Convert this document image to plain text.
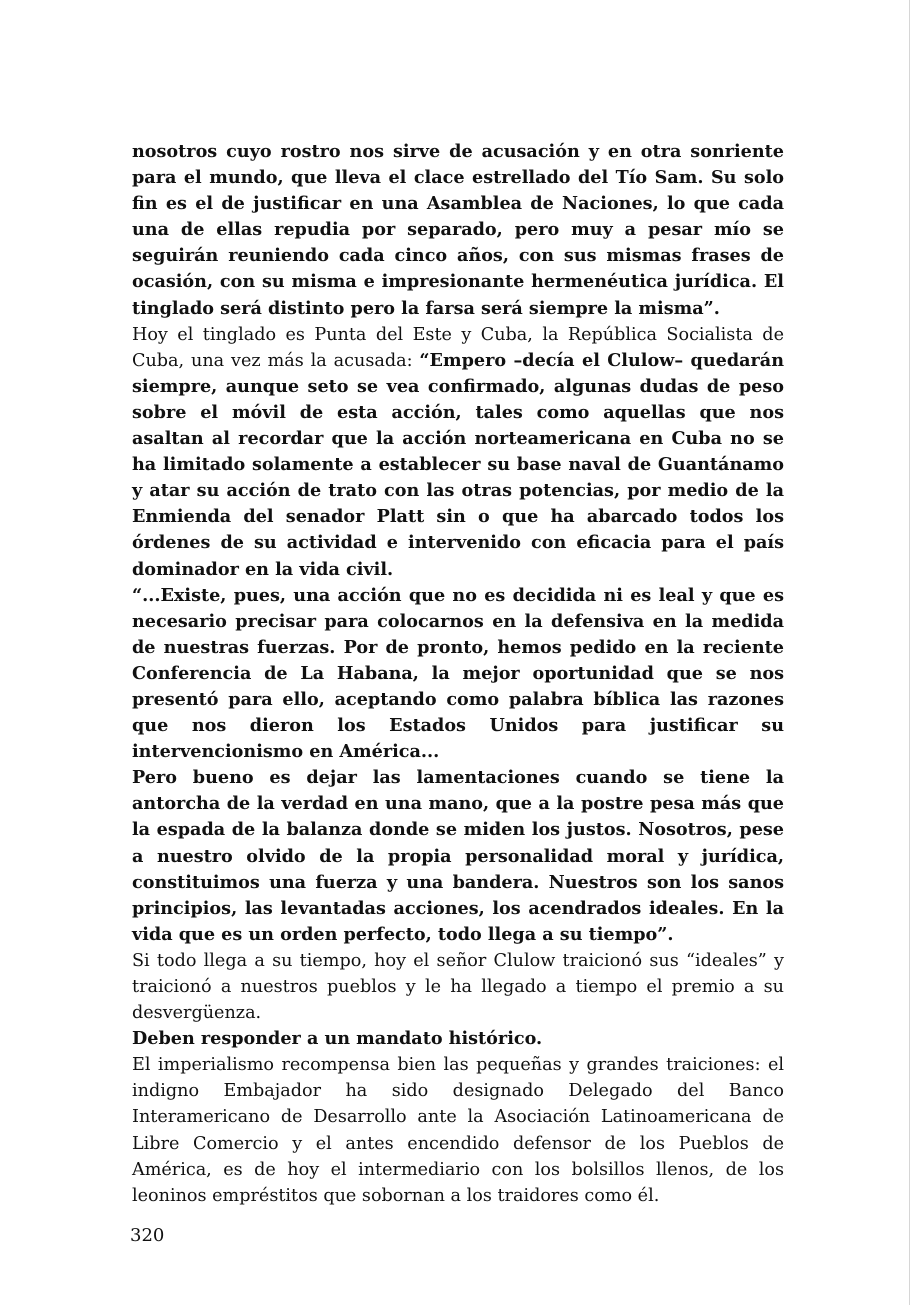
nosotros cuyo rostro nos sirve de acusación y en otra sonriente para el mundo, que lleva el clace estrellado del Tío Sam. Su solo fin es el de justificar en una Asamblea de Naciones, lo que cada una de ellas repudia por separado, pero muy a pesar mío se seguirán reuniendo cada cinco años, con sus mismas frases de ocasión, con su misma e impresionante hermenéutica jurídica. El tinglado será distinto pero la farsa será siempre la misma”.

Hoy el tinglado es Punta del Este y Cuba, la República Socialista de Cuba, una vez más la acusada: “Empero –decía el Clulow– quedarán siempre, aunque seto se vea confirmado, algunas dudas de peso sobre el móvil de esta acción, tales como aquellas que nos asaltan al recordar que la acción norteamericana en Cuba no se ha limitado solamente a establecer su base naval de Guantánamo y atar su acción de trato con las otras potencias, por medio de la Enmienda del senador Platt sin o que ha abarcado todos los órdenes de su actividad e intervenido con eficacia para el país dominador en la vida civil.

“...Existe, pues, una acción que no es decidida ni es leal y que es necesario precisar para colocarnos en la defensiva en la medida de nuestras fuerzas. Por de pronto, hemos pedido en la reciente Conferencia de La Habana, la mejor oportunidad que se nos presentó para ello, aceptando como palabra bíblica las razones que nos dieron los Estados Unidos para justificar su intervencionismo en América...

Pero bueno es dejar las lamentaciones cuando se tiene la antorcha de la verdad en una mano, que a la postre pesa más que la espada de la balanza donde se miden los justos. Nosotros, pese a nuestro olvido de la propia personalidad moral y jurídica, constituimos una fuerza y una bandera. Nuestros son los sanos principios, las levantadas acciones, los acendrados ideales. En la vida que es un orden perfecto, todo llega a su tiempo”.

Si todo llega a su tiempo, hoy el señor Clulow traicionó sus “ideales” y traicionó a nuestros pueblos y le ha llegado a tiempo el premio a su desvergüenza.

Deben responder a un mandato histórico.

El imperialismo recompensa bien las pequeñas y grandes traiciones: el indigno Embajador ha sido designado Delegado del Banco Interamericano de Desarrollo ante la Asociación Latinoamericana de Libre Comercio y el antes encendido defensor de los Pueblos de América, es de hoy el intermediario con los bolsillos llenos, de los leoninos empréstitos que sobornan a los traidores como él.

320
